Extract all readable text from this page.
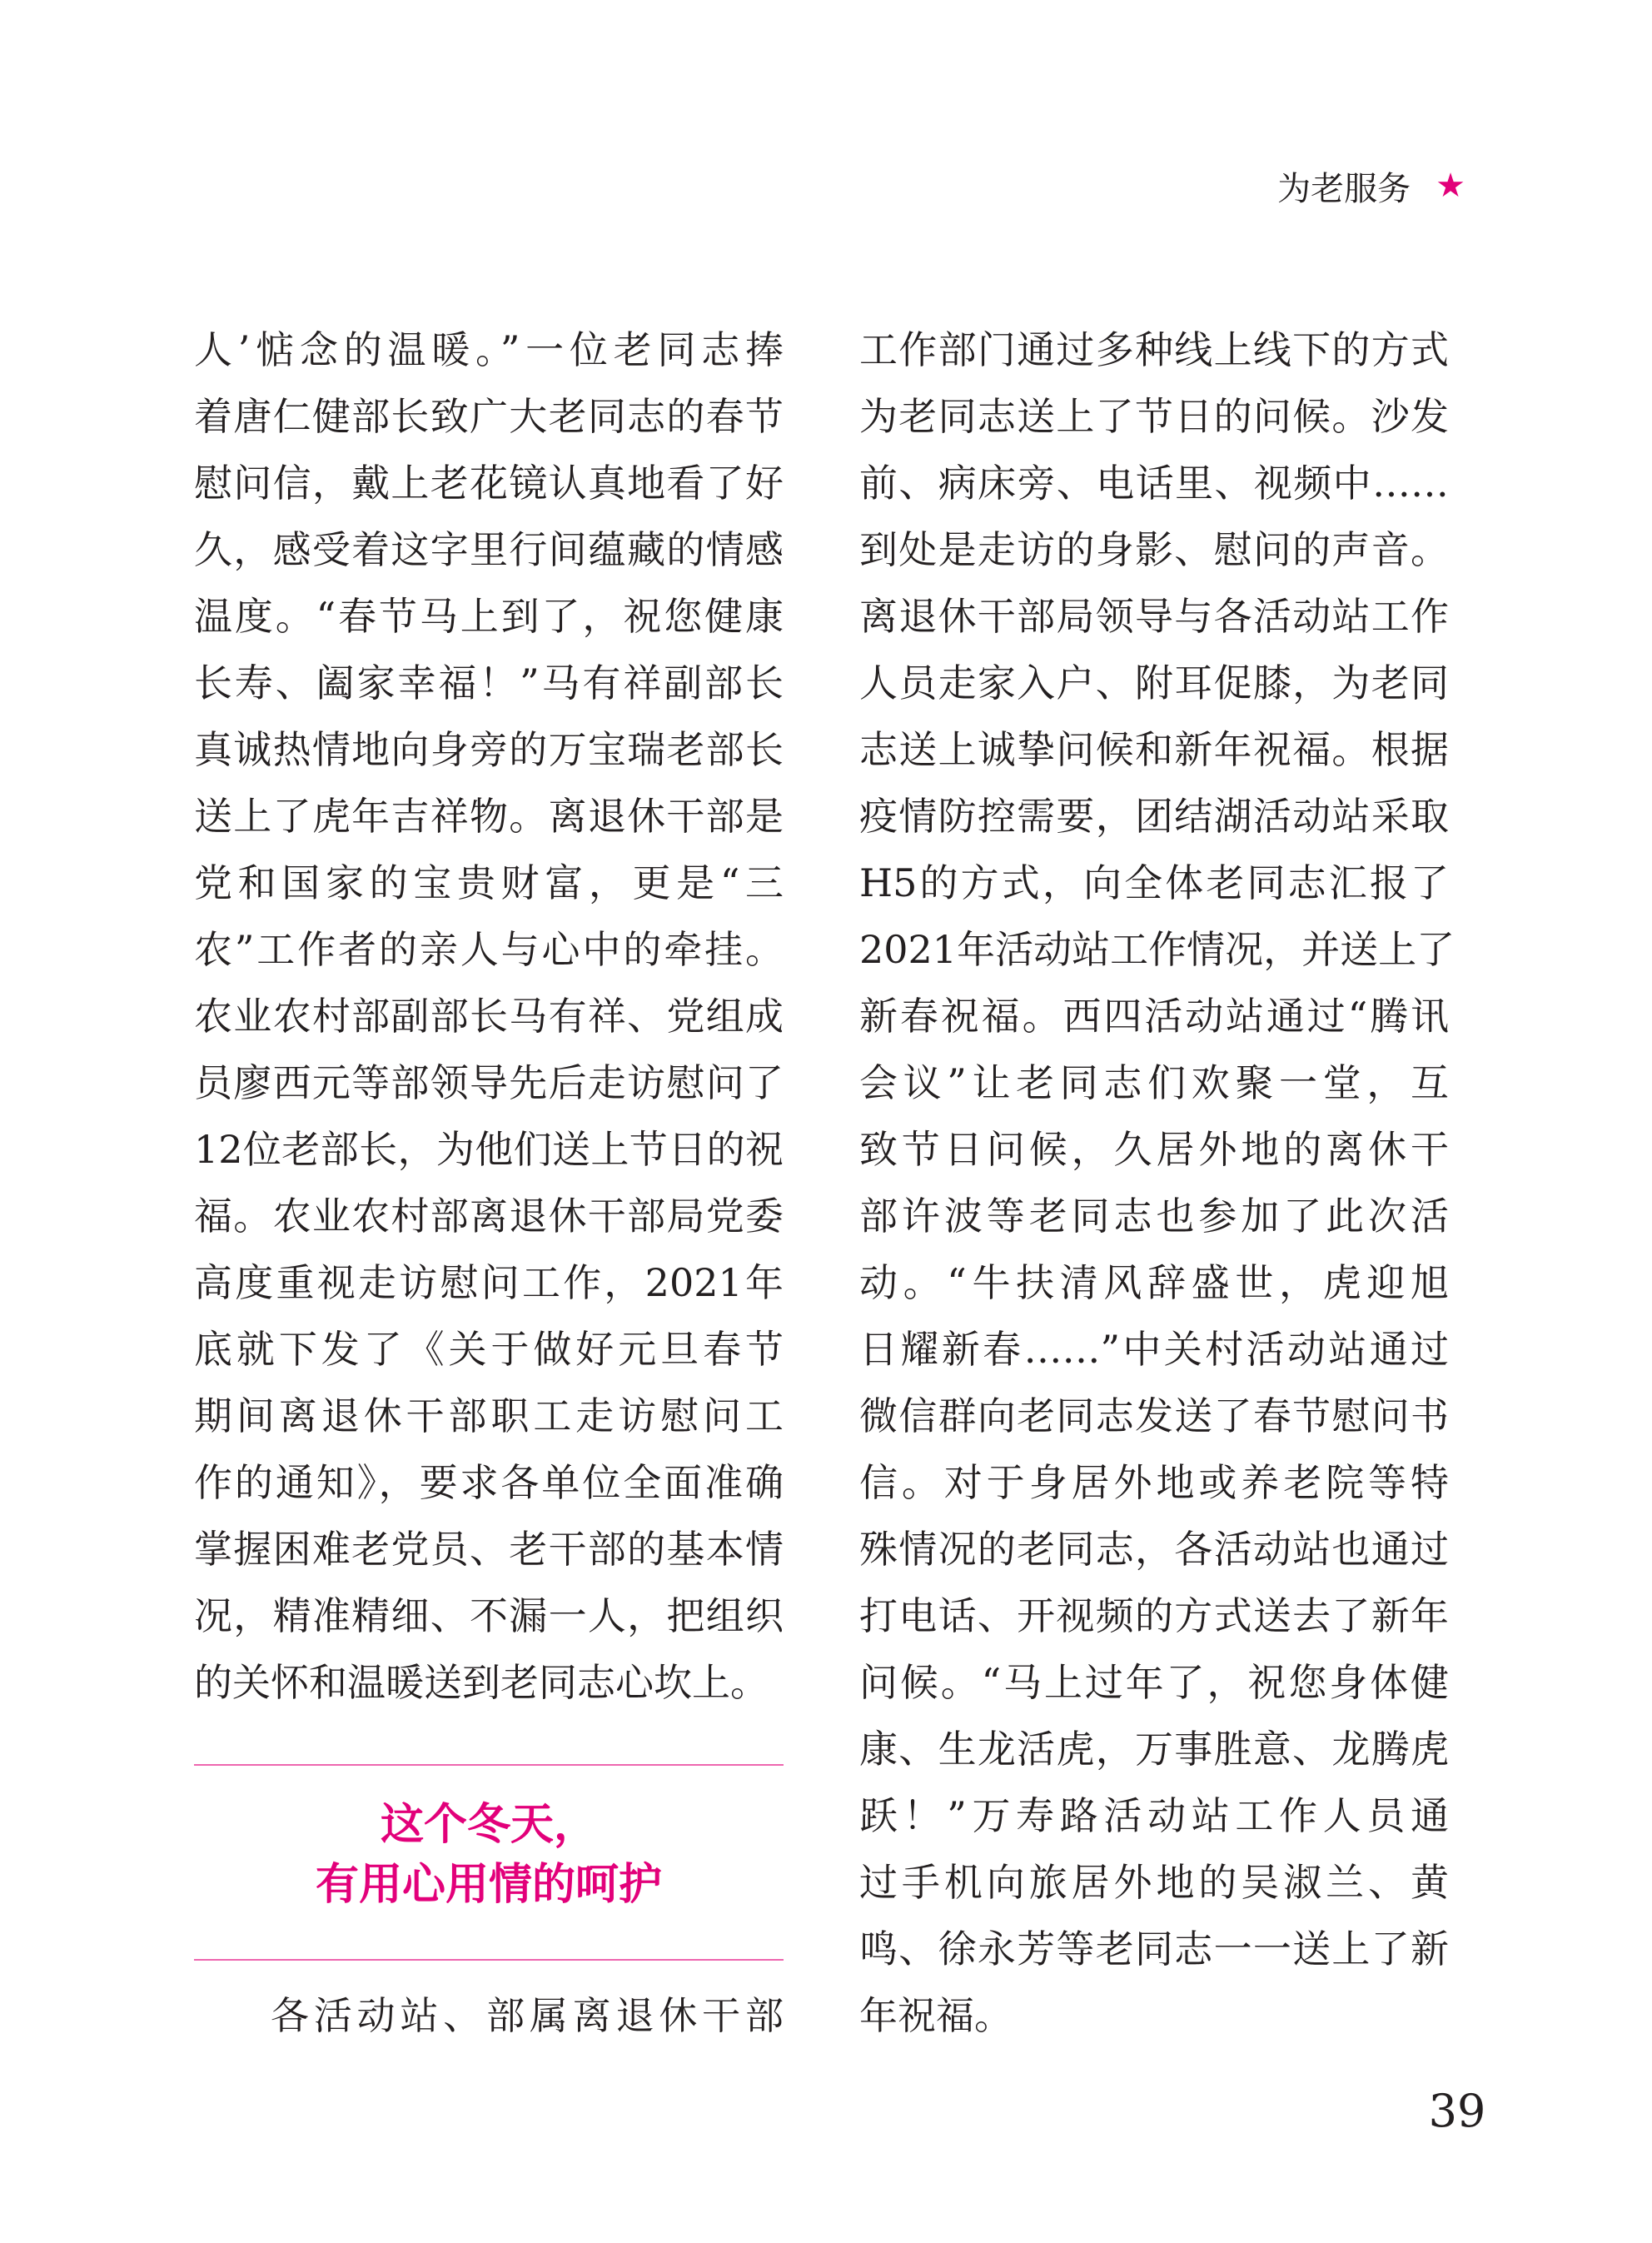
为老服务 ★
人’惦念的温暖。”一位老同志捧
着唐仁健部长致广大老同志的春节
慰问信，戴上老花镜认真地看了好
久，感受着这字里行间蕴藏的情感
温度。“春节马上到了，祝您健康
长寿、阖家幸福！”马有祥副部长
真诚热情地向身旁的万宝瑞老部长
送上了虎年吉祥物。离退休干部是
党和国家的宝贵财富，更是“三
农”工作者的亲人与心中的牵挂。
农业农村部副部长马有祥、党组成
员廖西元等部领导先后走访慰问了
12位老部长，为他们送上节日的祝
福。农业农村部离退休干部局党委
高度重视走访慰问工作，2021年
底就下发了《关于做好元旦春节
期间离退休干部职工走访慰问工
作的通知》，要求各单位全面准确
掌握困难老党员、老干部的基本情
况，精准精细、不漏一人，把组织
的关怀和温暖送到老同志心坎上。
这个冬天，
有用心用情的呵护
各活动站、部属离退休干部
工作部门通过多种线上线下的方式
为老同志送上了节日的问候。沙发
前、病床旁、电话里、视频中……
到处是走访的身影、慰问的声音。
离退休干部局领导与各活动站工作
人员走家入户、附耳促膝，为老同
志送上诚挚问候和新年祝福。根据
疫情防控需要，团结湖活动站采取
H5的方式，向全体老同志汇报了
2021年活动站工作情况，并送上了
新春祝福。西四活动站通过“腾讯
会议”让老同志们欢聚一堂，互
致节日问候，久居外地的离休干
部许波等老同志也参加了此次活
动。“牛扶清风辞盛世，虎迎旭
日耀新春……”中关村活动站通过
微信群向老同志发送了春节慰问书
信。对于身居外地或养老院等特
殊情况的老同志，各活动站也通过
打电话、开视频的方式送去了新年
问候。“马上过年了，祝您身体健
康、生龙活虎，万事胜意、龙腾虎
跃！”万寿路活动站工作人员通
过手机向旅居外地的吴淑兰、黄
鸣、徐永芳等老同志一一送上了新
年祝福。
39
